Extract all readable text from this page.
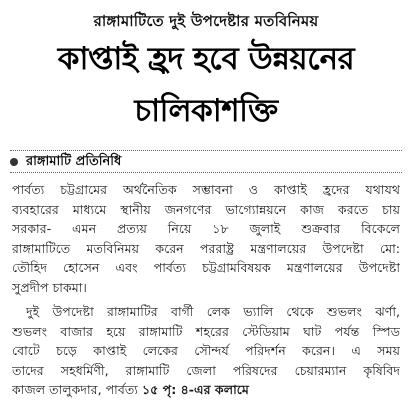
রাঙ্গামাটিতে দুই উপদেষ্টার মতবিনিময়
কাপ্তাই হ্রদ হবে উন্নয়নের
চালিকাশক্তি
রাঙ্গামাটি প্রতিনিধি
পার্বত্য চট্টগ্রামের অর্থনৈতিক সম্ভাবনা ও কাপ্তাই হ্রদের যথাযথ
ব্যবহারের মাধ্যমে স্থানীয় জনগণের ভাগ্যোন্নয়নে কাজ করতে চায়
সরকার- এমন প্রত্যয় নিয়ে ১৮ জুলাই শুক্রবার বিকেলে
রাঙ্গামাটিতে মতবিনিময় করেন পররাষ্ট্র মন্ত্রণালয়ের উপদেষ্টা মো:
তৌহিদ হোসেন এবং পার্বত্য চট্টগ্রামবিষয়ক মন্ত্রণালয়ের উপদেষ্টা
সুপ্রদীপ চাকমা।
দুই উপদেষ্টা রাঙ্গামাটির বার্গী লেক ভ্যালি থেকে শুভলং ঝর্ণা,
শুভলং বাজার হয়ে রাঙ্গামাটি শহরের স্টেডিয়াম ঘাট পর্যন্ত স্পিড
বোটে চড়ে কাপ্তাই লেকের সৌন্দর্য পরিদর্শন করেন। এ সময়
তাদের সহধর্মিণী, রাঙ্গামাটি জেলা পরিষদের চেয়ারম্যান কৃষিবিদ
কাজল তালুকদার, পার্বত্য ১৫ পৃ: ৪-এর কলামে
